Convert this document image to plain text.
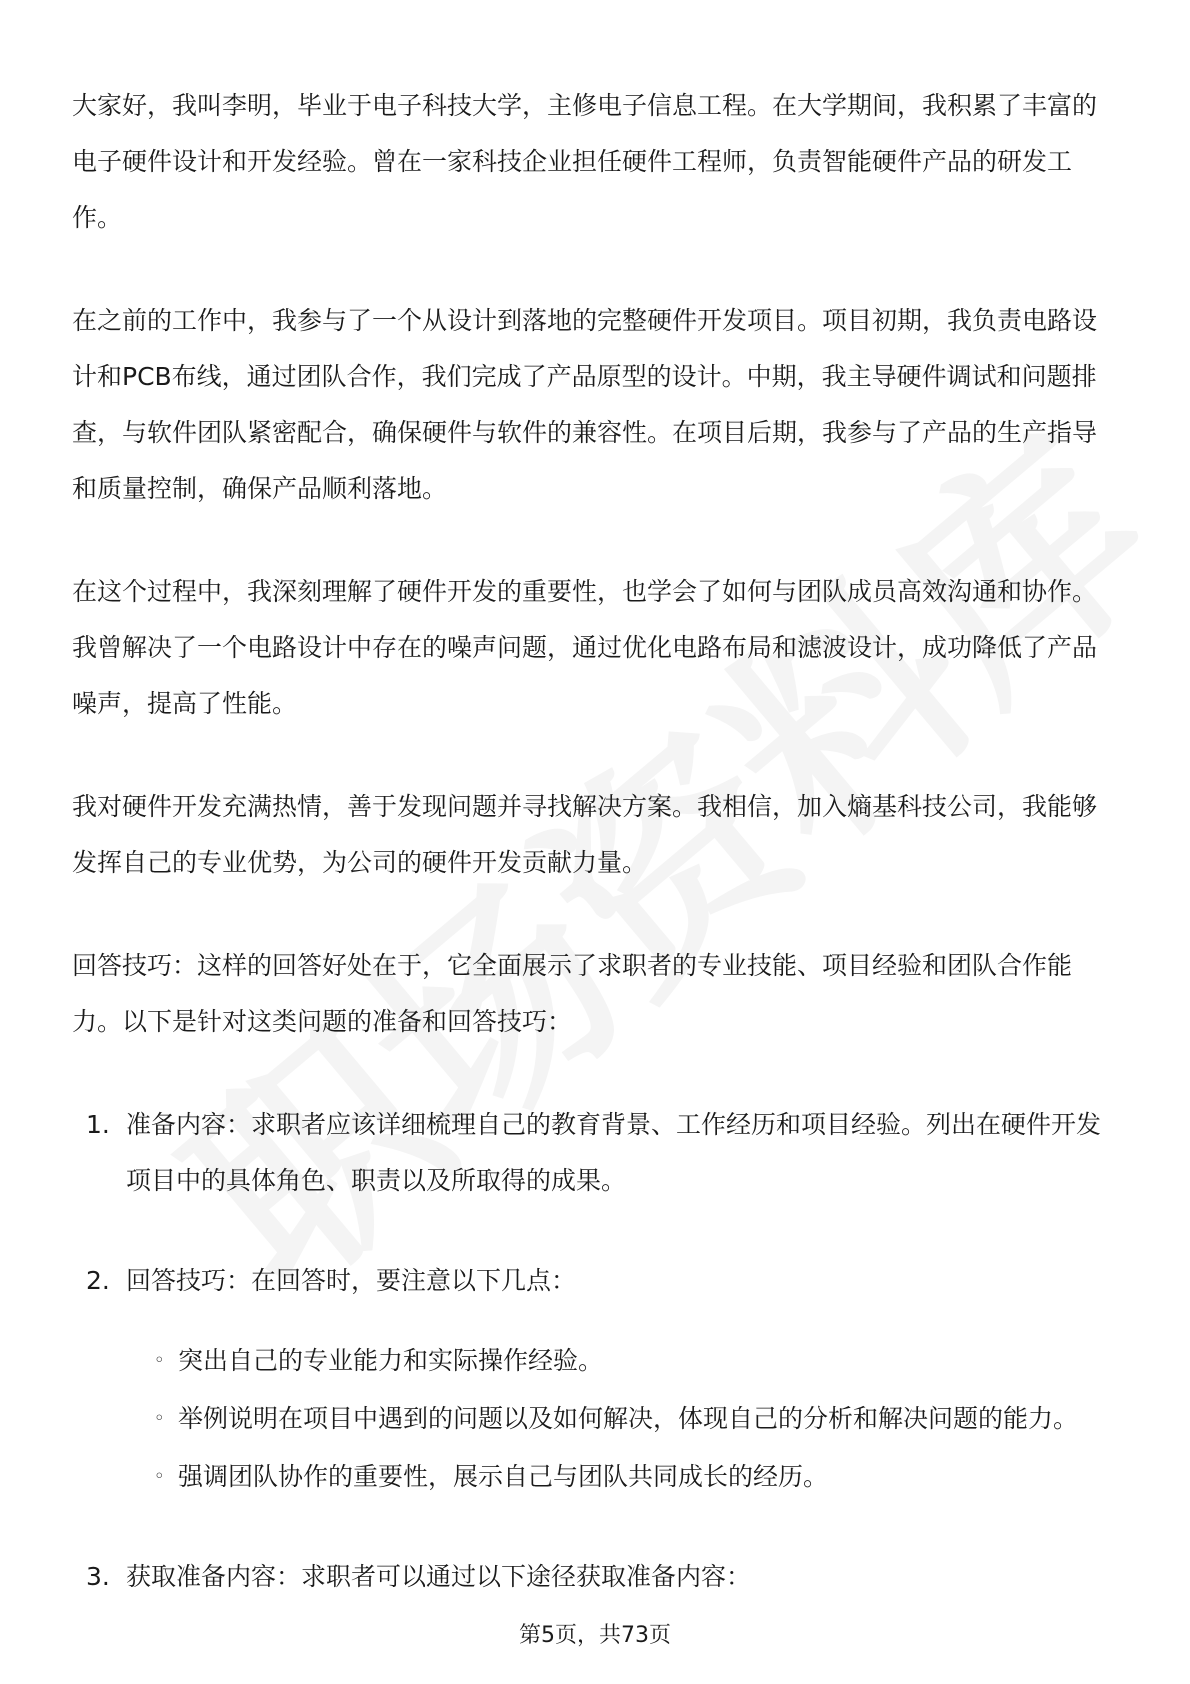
大家好，我叫李明，毕业于电子科技大学，主修电子信息工程。在大学期间，我积累了丰富的电子硬件设计和开发经验。曾在一家科技企业担任硬件工程师，负责智能硬件产品的研发工作。

在之前的工作中，我参与了一个从设计到落地的完整硬件开发项目。项目初期，我负责电路设计和PCB布线，通过团队合作，我们完成了产品原型的设计。中期，我主导硬件调试和问题排查，与软件团队紧密配合，确保硬件与软件的兼容性。在项目后期，我参与了产品的生产指导和质量控制，确保产品顺利落地。

在这个过程中，我深刻理解了硬件开发的重要性，也学会了如何与团队成员高效沟通和协作。我曾解决了一个电路设计中存在的噪声问题，通过优化电路布局和滤波设计，成功降低了产品噪声，提高了性能。

我对硬件开发充满热情，善于发现问题并寻找解决方案。我相信，加入熵基科技公司，我能够发挥自己的专业优势，为公司的硬件开发贡献力量。

回答技巧：这样的回答好处在于，它全面展示了求职者的专业技能、项目经验和团队合作能力。以下是针对这类问题的准备和回答技巧：

1. 准备内容：求职者应该详细梳理自己的教育背景、工作经历和项目经验。列出在硬件开发项目中的具体角色、职责以及所取得的成果。
2. 回答技巧：在回答时，要注意以下几点：
◦ 突出自己的专业能力和实际操作经验。
◦ 举例说明在项目中遇到的问题以及如何解决，体现自己的分析和解决问题的能力。
◦ 强调团队协作的重要性，展示自己与团队共同成长的经历。
3. 获取准备内容：求职者可以通过以下途径获取准备内容：
第5页，共73页
